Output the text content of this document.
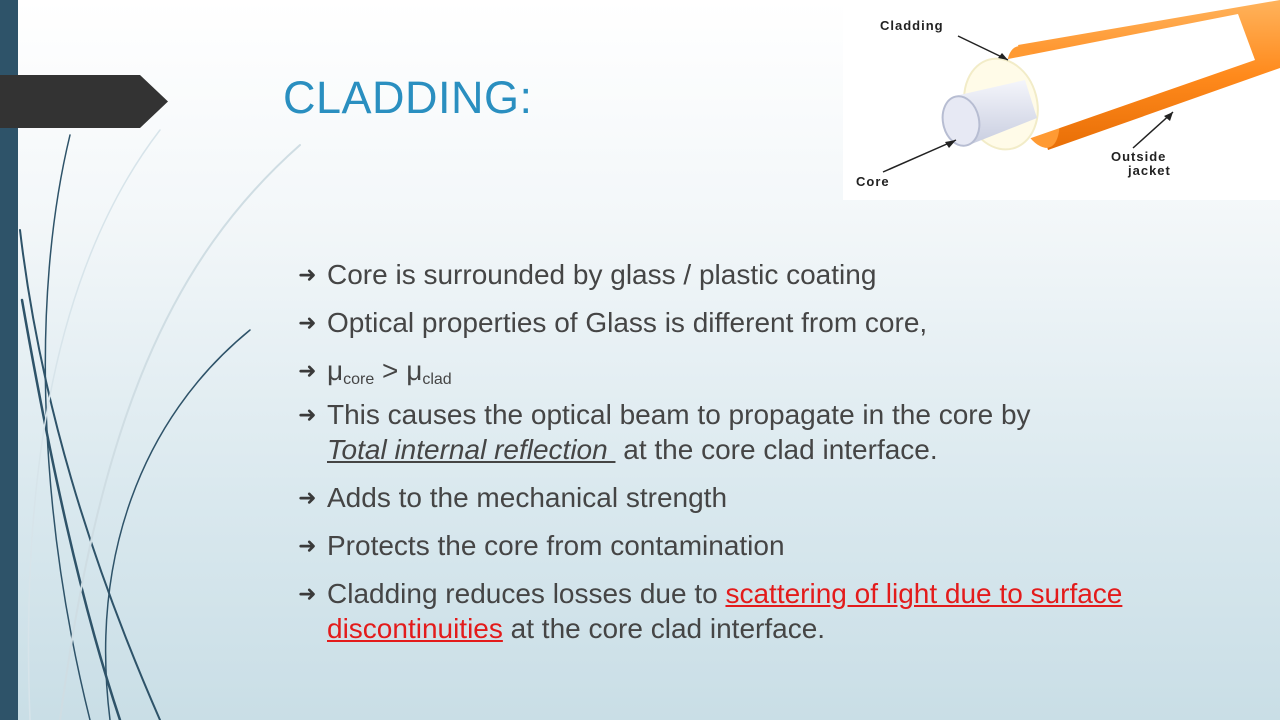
CLADDING:
Cladding
Core
Outside
jacket
➜ Core is surrounded by glass / plastic coating
➜ Optical properties of Glass is different from core,
➜ $\mu_{core} > \mu_{clad}$
➜ This causes the optical beam to propagate in the core by Total internal reflection  at the core clad interface.
➜ Adds to the mechanical strength
➜ Protects the core from contamination
➜ Cladding reduces losses due to scattering of light due to surface discontinuities at the core clad interface.
